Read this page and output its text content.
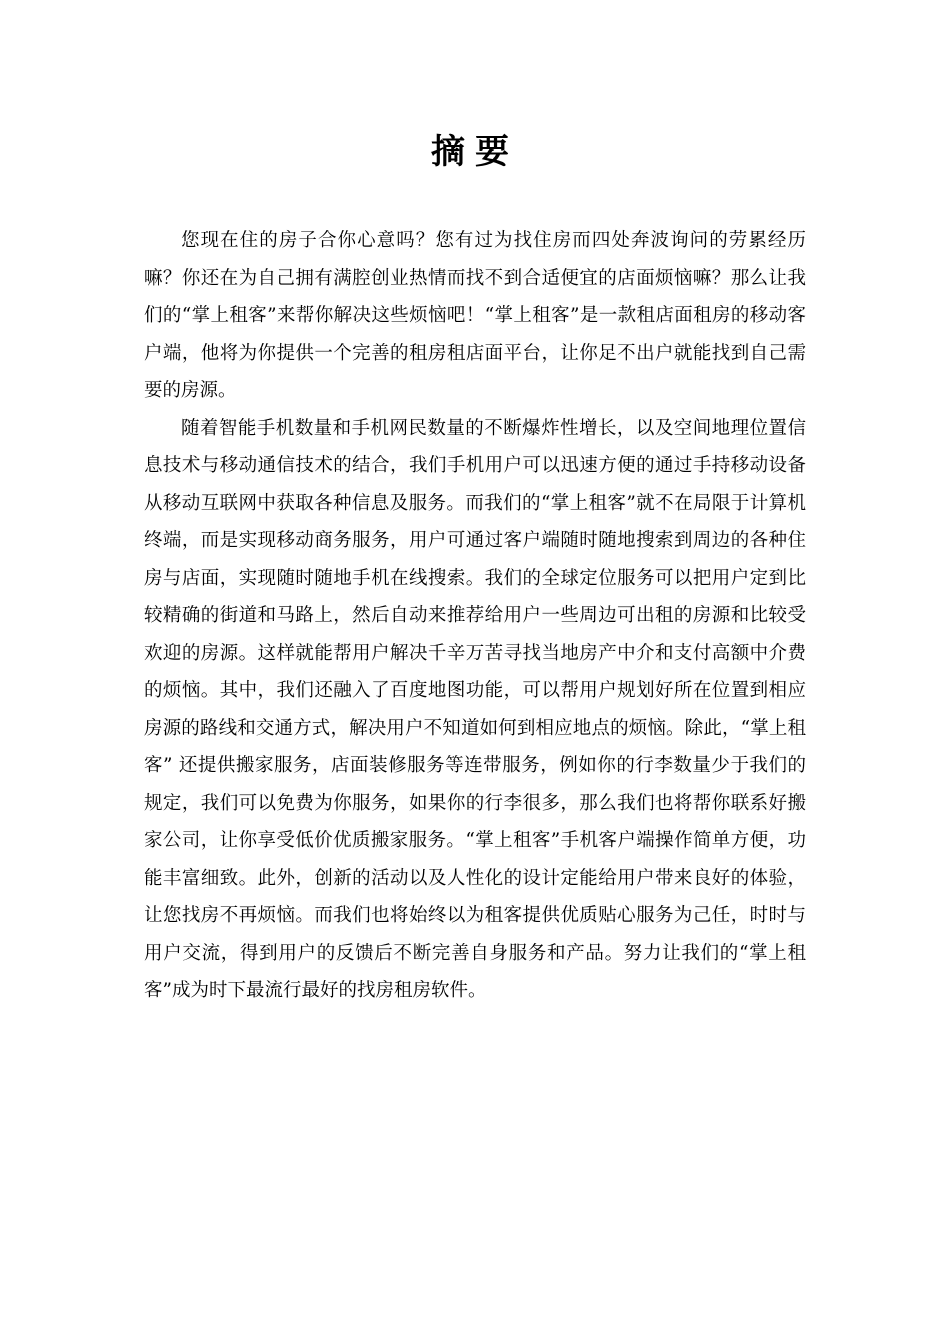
摘要

您现在住的房子合你心意吗？您有过为找住房而四处奔波询问的劳累经历嘛？你还在为自己拥有满腔创业热情而找不到合适便宜的店面烦恼嘛？那么让我们的“掌上租客”来帮你解决这些烦恼吧！“掌上租客”是一款租店面租房的移动客户端，他将为你提供一个完善的租房租店面平台，让你足不出户就能找到自己需要的房源。

随着智能手机数量和手机网民数量的不断爆炸性增长，以及空间地理位置信息技术与移动通信技术的结合，我们手机用户可以迅速方便的通过手持移动设备从移动互联网中获取各种信息及服务。而我们的“掌上租客”就不在局限于计算机终端，而是实现移动商务服务，用户可通过客户端随时随地搜索到周边的各种住房与店面，实现随时随地手机在线搜索。我们的全球定位服务可以把用户定到比较精确的街道和马路上，然后自动来推荐给用户一些周边可出租的房源和比较受欢迎的房源。这样就能帮用户解决千辛万苦寻找当地房产中介和支付高额中介费的烦恼。其中，我们还融入了百度地图功能，可以帮用户规划好所在位置到相应房源的路线和交通方式，解决用户不知道如何到相应地点的烦恼。除此，“掌上租客” 还提供搬家服务，店面装修服务等连带服务，例如你的行李数量少于我们的规定，我们可以免费为你服务，如果你的行李很多，那么我们也将帮你联系好搬家公司，让你享受低价优质搬家服务。“掌上租客”手机客户端操作简单方便，功能丰富细致。此外，创新的活动以及人性化的设计定能给用户带来良好的体验，让您找房不再烦恼。而我们也将始终以为租客提供优质贴心服务为己任，时时与用户交流，得到用户的反馈后不断完善自身服务和产品。努力让我们的“掌上租客”成为时下最流行最好的找房租房软件。
